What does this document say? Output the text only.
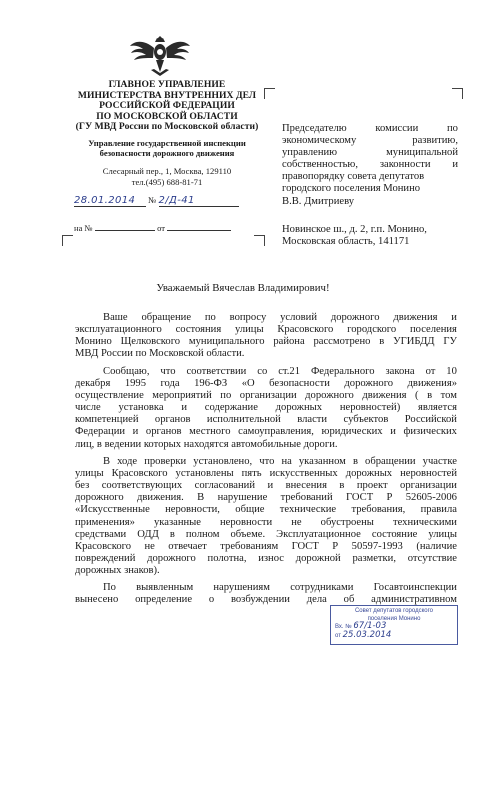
ГЛАВНОЕ УПРАВЛЕНИЕ
МИНИСТЕРСТВА ВНУТРЕННИХ ДЕЛ
РОССИЙСКОЙ ФЕДЕРАЦИИ
ПО МОСКОВСКОЙ ОБЛАСТИ
(ГУ МВД России по Московской области)
Управление государственной инспекции
безопасности дорожного движения
Слесарный пер., 1, Москва, 129110
тел.(495) 688-81-71
28.01.2014 № 2/Д-41
на №	от
Председателю	комиссии	по
экономическому	развитию,
управлению	муниципальной
собственностью, законности и
правопорядку совета депутатов
городского поселения Монино
В.В. Дмитриеву
Новинское ш., д. 2, г.п. Монино,
Московская область, 141171
Уважаемый Вячеслав Владимирович!
Ваше обращение по вопросу условий дорожного движения и
эксплуатационного состояния улицы Красовского городского поселения
Монино Щелковского муниципального района рассмотрено в УГИБДД ГУ
МВД России по Московской области.
Сообщаю, что соответствии со ст.21 Федерального закона от 10
декабря 1995 года 196-ФЗ «О безопасности дорожного движения»
осуществление мероприятий по организации дорожного движения ( в том
числе установка и содержание дорожных неровностей) является
компетенцией органов исполнительной власти субъектов Российской
Федерации и органов местного самоуправления, юридических и физических
лиц, в ведении которых находятся автомобильные дороги.
В ходе проверки установлено, что на указанном в обращении участке
улицы Красовского установлены пять искусственных дорожных неровностей
без соответствующих согласований и внесения в проект организации
дорожного движения. В нарушение требований ГОСТ Р 52605-2006
«Искусственные неровности, общие технические требования, правила
применения» указанные неровности не обустроены техническими
средствами ОДД в полном объеме. Эксплуатационное состояние улицы
Красовского не отвечает требованиям ГОСТ Р 50597-1993 (наличие
повреждений дорожного полотна, износ дорожной разметки, отсутствие
дорожных знаков).
По выявленным нарушениям сотрудниками Госавтоинспекции
вынесено определение о возбуждении дела об административном
Совет депутатов городского
поселения Монино
Вх. № 67/1-03
от 25.03.2014
